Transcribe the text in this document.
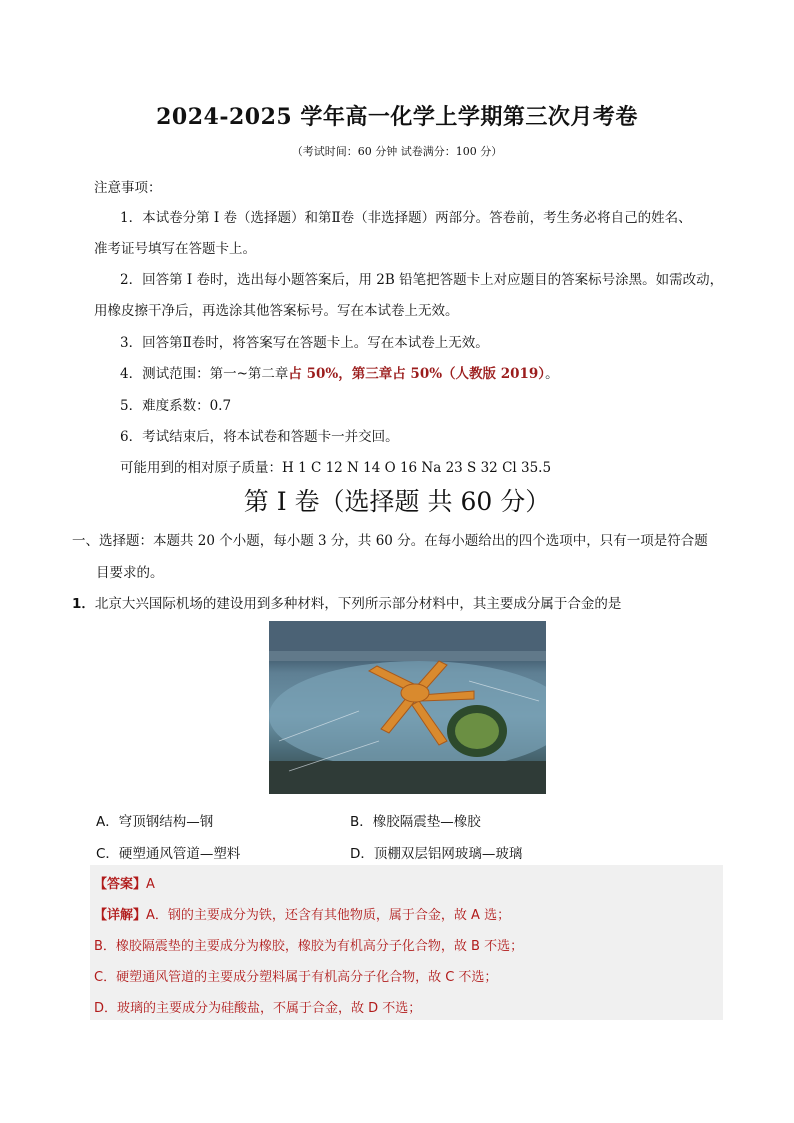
2024-2025 学年高一化学上学期第三次月考卷
（考试时间：60 分钟 试卷满分：100 分）
注意事项：
1．本试卷分第 I 卷（选择题）和第Ⅱ卷（非选择题）两部分。答卷前，考生务必将自己的姓名、
准考证号填写在答题卡上。
2．回答第 I 卷时，选出每小题答案后，用 2B 铅笔把答题卡上对应题目的答案标号涂黑。如需改动，
用橡皮擦干净后，再选涂其他答案标号。写在本试卷上无效。
3．回答第Ⅱ卷时，将答案写在答题卡上。写在本试卷上无效。
4．测试范围：第一~第二章占 50%，第三章占 50%（人教版 2019）。
5．难度系数：0.7
6．考试结束后，将本试卷和答题卡一并交回。
可能用到的相对原子质量：H 1 C 12 N 14 O 16 Na 23 S 32 Cl 35.5
第 I 卷（选择题 共 60 分）
一、选择题：本题共 20 个小题，每小题 3 分，共 60 分。在每小题给出的四个选项中，只有一项是符合题
目要求的。
1．北京大兴国际机场的建设用到多种材料，下列所示部分材料中，其主要成分属于合金的是
A．穹顶钢结构—钢	B．橡胶隔震垫—橡胶
C．硬塑通风管道—塑料	D．顶棚双层铝网玻璃—玻璃
【答案】A
【详解】A．钢的主要成分为铁，还含有其他物质，属于合金，故 A 选；
B．橡胶隔震垫的主要成分为橡胶，橡胶为有机高分子化合物，故 B 不选；
C．硬塑通风管道的主要成分塑料属于有机高分子化合物，故 C 不选；
D．玻璃的主要成分为硅酸盐，不属于合金，故 D 不选；
